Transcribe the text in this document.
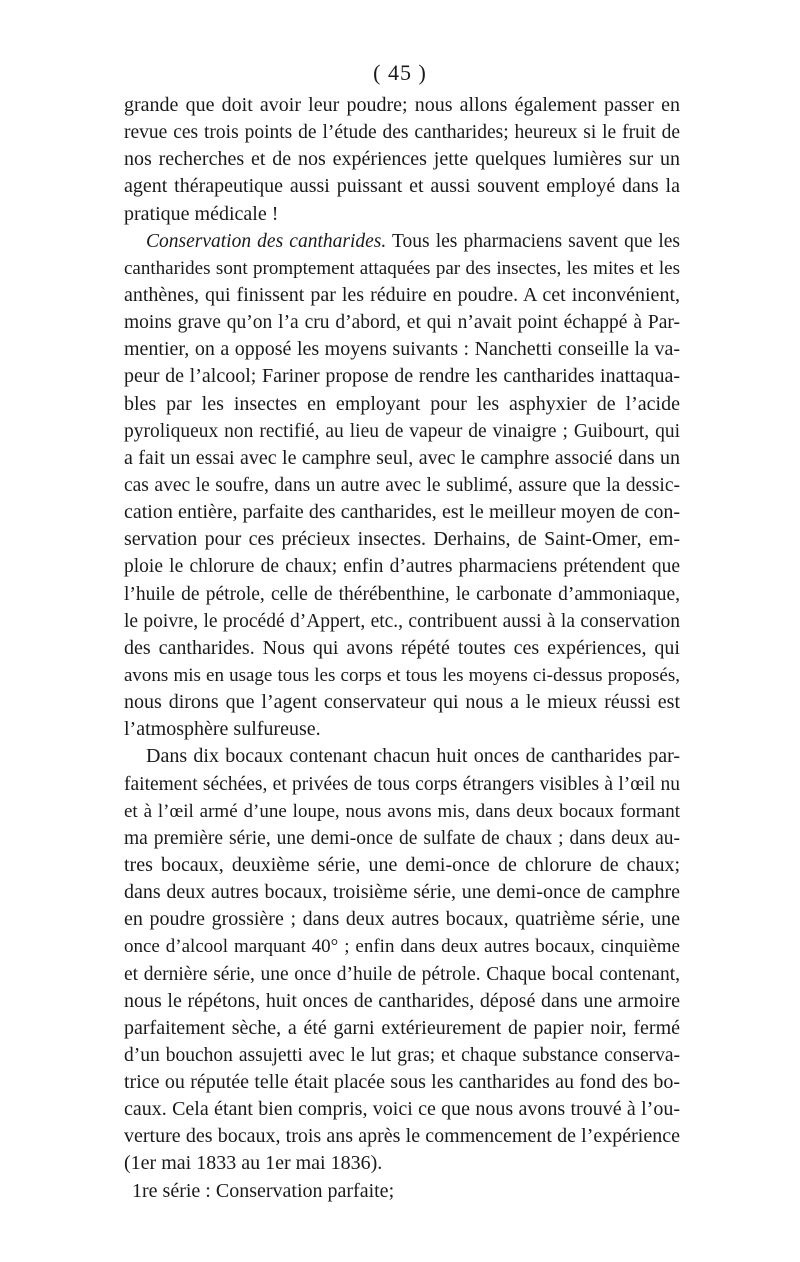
( 45 )
grande que doit avoir leur poudre; nous allons également passer en
revue ces trois points de l’étude des cantharides; heureux si le fruit de
nos recherches et de nos expériences jette quelques lumières sur un
agent thérapeutique aussi puissant et aussi souvent employé dans la
pratique médicale !
Conservation des cantharides. Tous les pharmaciens savent que les
cantharides sont promptement attaquées par des insectes, les mites et les
anthènes, qui finissent par les réduire en poudre. A cet inconvénient,
moins grave qu’on l’a cru d’abord, et qui n’avait point échappé à Par-
mentier, on a opposé les moyens suivants : Nanchetti conseille la va-
peur de l’alcool; Fariner propose de rendre les cantharides inattaqua-
bles par les insectes en employant pour les asphyxier de l’acide
pyroliqueux non rectifié, au lieu de vapeur de vinaigre ; Guibourt, qui
a fait un essai avec le camphre seul, avec le camphre associé dans un
cas avec le soufre, dans un autre avec le sublimé, assure que la dessic-
cation entière, parfaite des cantharides, est le meilleur moyen de con-
servation pour ces précieux insectes. Derhains, de Saint-Omer, em-
ploie le chlorure de chaux; enfin d’autres pharmaciens prétendent que
l’huile de pétrole, celle de thérébenthine, le carbonate d’ammoniaque,
le poivre, le procédé d’Appert, etc., contribuent aussi à la conservation
des cantharides. Nous qui avons répété toutes ces expériences, qui
avons mis en usage tous les corps et tous les moyens ci-dessus proposés,
nous dirons que l’agent conservateur qui nous a le mieux réussi est
l’atmosphère sulfureuse.
Dans dix bocaux contenant chacun huit onces de cantharides par-
faitement séchées, et privées de tous corps étrangers visibles à l’œil nu
et à l’œil armé d’une loupe, nous avons mis, dans deux bocaux formant
ma première série, une demi-once de sulfate de chaux ; dans deux au-
tres bocaux, deuxième série, une demi-once de chlorure de chaux;
dans deux autres bocaux, troisième série, une demi-once de camphre
en poudre grossière ; dans deux autres bocaux, quatrième série, une
once d’alcool marquant 40° ; enfin dans deux autres bocaux, cinquième
et dernière série, une once d’huile de pétrole. Chaque bocal contenant,
nous le répétons, huit onces de cantharides, déposé dans une armoire
parfaitement sèche, a été garni extérieurement de papier noir, fermé
d’un bouchon assujetti avec le lut gras; et chaque substance conserva-
trice ou réputée telle était placée sous les cantharides au fond des bo-
caux. Cela étant bien compris, voici ce que nous avons trouvé à l’ou-
verture des bocaux, trois ans après le commencement de l’expérience
(1er mai 1833 au 1er mai 1836).
1re série : Conservation parfaite;
